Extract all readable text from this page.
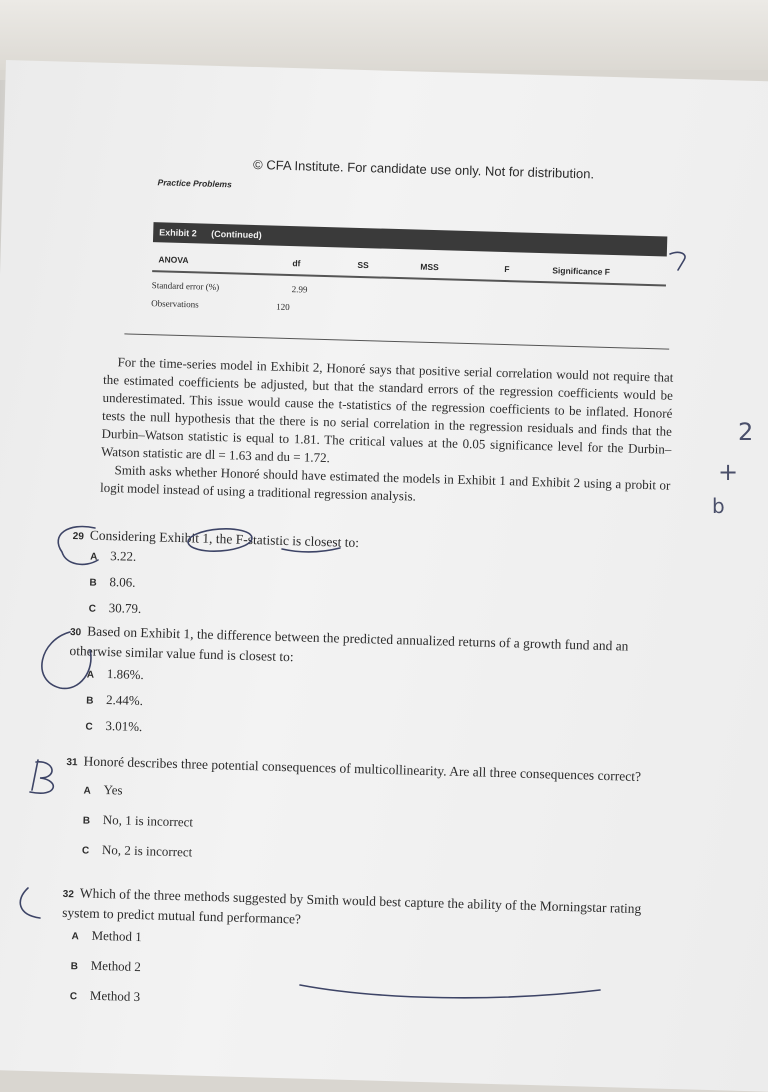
© CFA Institute. For candidate use only. Not for distribution.
Practice Problems
Exhibit 2 (Continued)
ANOVA	df	SS	MSS	F	Significance F
Standard error (%)	2.99
Observations	120

For the time-series model in Exhibit 2, Honoré says that positive serial correlation would not require that the estimated coefficients be adjusted, but that the standard errors of the regression coefficients would be underestimated. This issue would cause the t-statistics of the regression coefficients to be inflated. Honoré tests the null hypothesis that the there is no serial correlation in the regression residuals and finds that the Durbin–Watson statistic is equal to 1.81. The critical values at the 0.05 significance level for the Durbin–Watson statistic are dl = 1.63 and du = 1.72.

Smith asks whether Honoré should have estimated the models in Exhibit 1 and Exhibit 2 using a probit or logit model instead of using a traditional regression analysis.

29 Considering Exhibit 1, the F-statistic is closest to:
A 3.22.
B 8.06.
C 30.79.
30 Based on Exhibit 1, the difference between the predicted annualized returns of a growth fund and an otherwise similar value fund is closest to:
A 1.86%.
B 2.44%.
C 3.01%.
31 Honoré describes three potential consequences of multicollinearity. Are all three consequences correct?
A Yes
B No, 1 is incorrect
C No, 2 is incorrect
32 Which of the three methods suggested by Smith would best capture the ability of the Morningstar rating system to predict mutual fund performance?
A Method 1
B Method 2
C Method 3
2
+
b
